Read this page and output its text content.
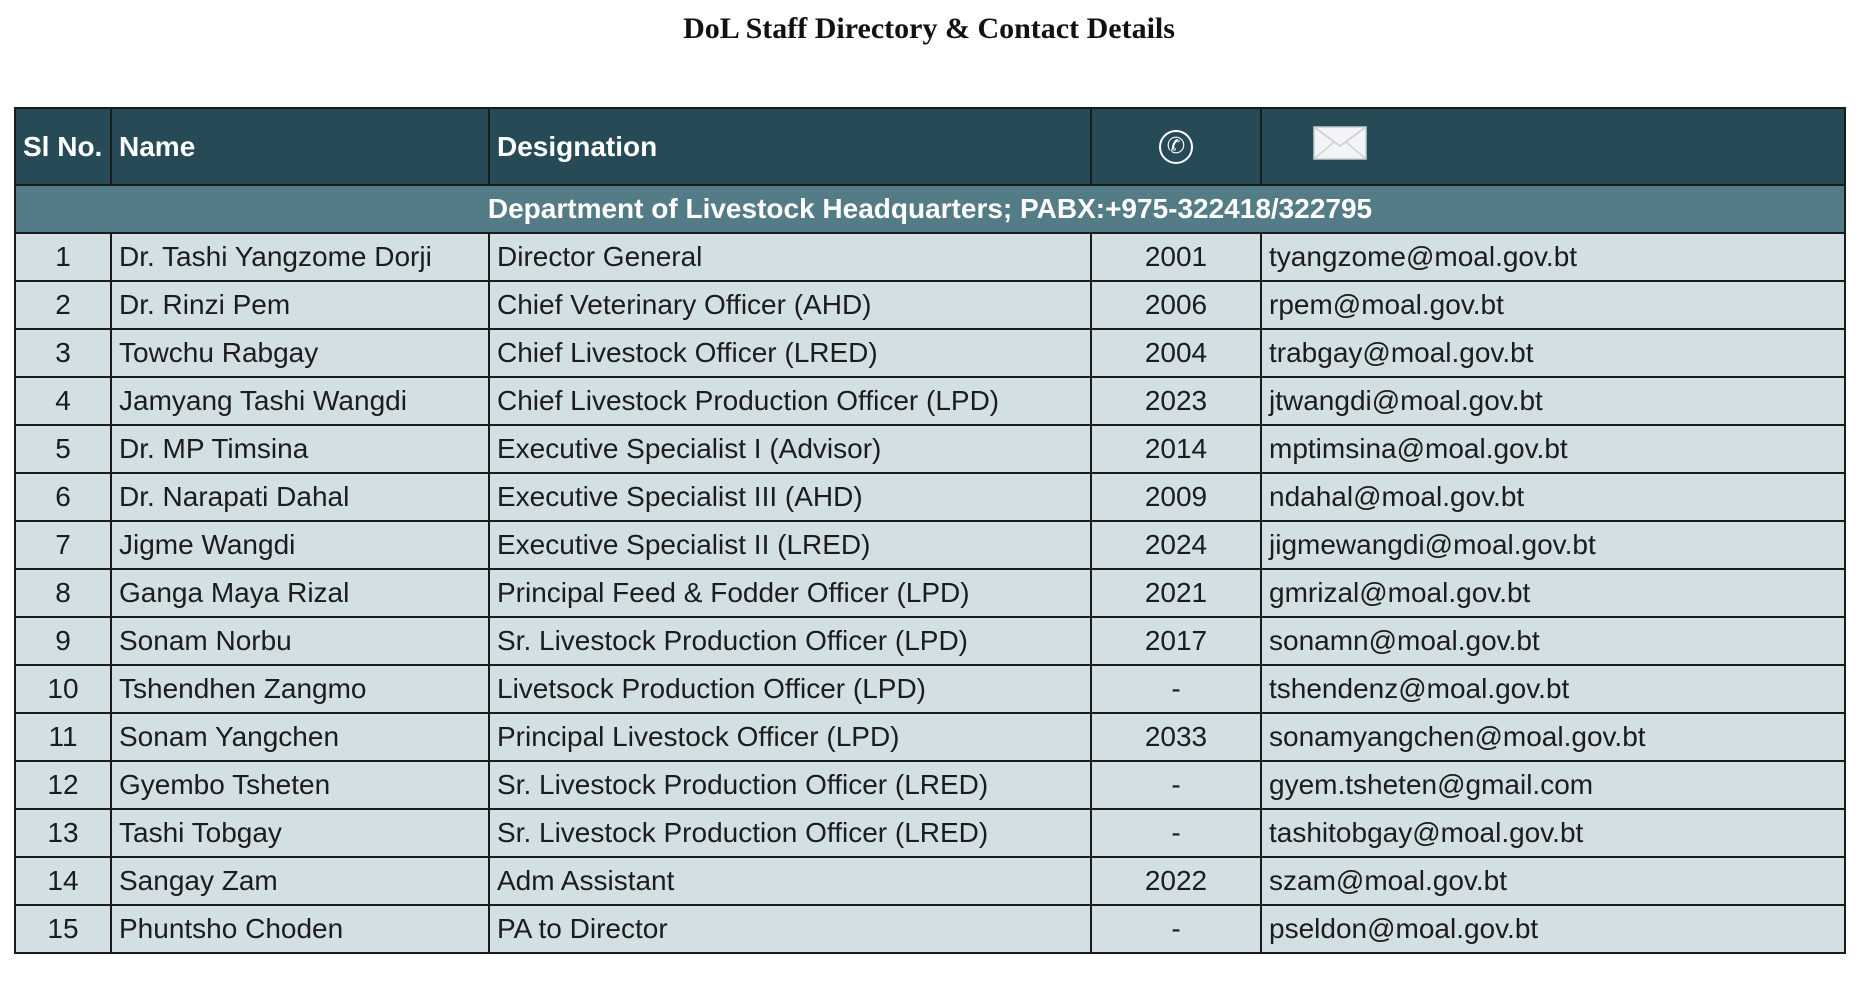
DoL Staff Directory & Contact Details
Sl No.	Name	Designation	✆	
Department of Livestock Headquarters; PABX:+975-322418/322795				
1	Dr. Tashi Yangzome Dorji	Director General	2001	tyangzome@moal.gov.bt
2	Dr. Rinzi Pem	Chief Veterinary Officer (AHD)	2006	rpem@moal.gov.bt
3	Towchu Rabgay	Chief Livestock Officer (LRED)	2004	trabgay@moal.gov.bt
4	Jamyang Tashi Wangdi	Chief Livestock Production Officer (LPD)	2023	jtwangdi@moal.gov.bt
5	Dr. MP Timsina	Executive Specialist I (Advisor)	2014	mptimsina@moal.gov.bt
6	Dr. Narapati Dahal	Executive Specialist III (AHD)	2009	ndahal@moal.gov.bt
7	Jigme Wangdi	Executive Specialist II (LRED)	2024	jigmewangdi@moal.gov.bt
8	Ganga Maya Rizal	Principal Feed & Fodder Officer (LPD)	2021	gmrizal@moal.gov.bt
9	Sonam Norbu	Sr. Livestock Production Officer (LPD)	2017	sonamn@moal.gov.bt
10	Tshendhen Zangmo	Livetsock Production Officer (LPD)	-	tshendenz@moal.gov.bt
11	Sonam Yangchen	Principal Livestock Officer (LPD)	2033	sonamyangchen@moal.gov.bt
12	Gyembo Tsheten	Sr. Livestock Production Officer (LRED)	-	gyem.tsheten@gmail.com
13	Tashi Tobgay	Sr. Livestock Production Officer (LRED)	-	tashitobgay@moal.gov.bt
14	Sangay Zam	Adm Assistant	2022	szam@moal.gov.bt
15	Phuntsho Choden	PA to Director	-	pseldon@moal.gov.bt
